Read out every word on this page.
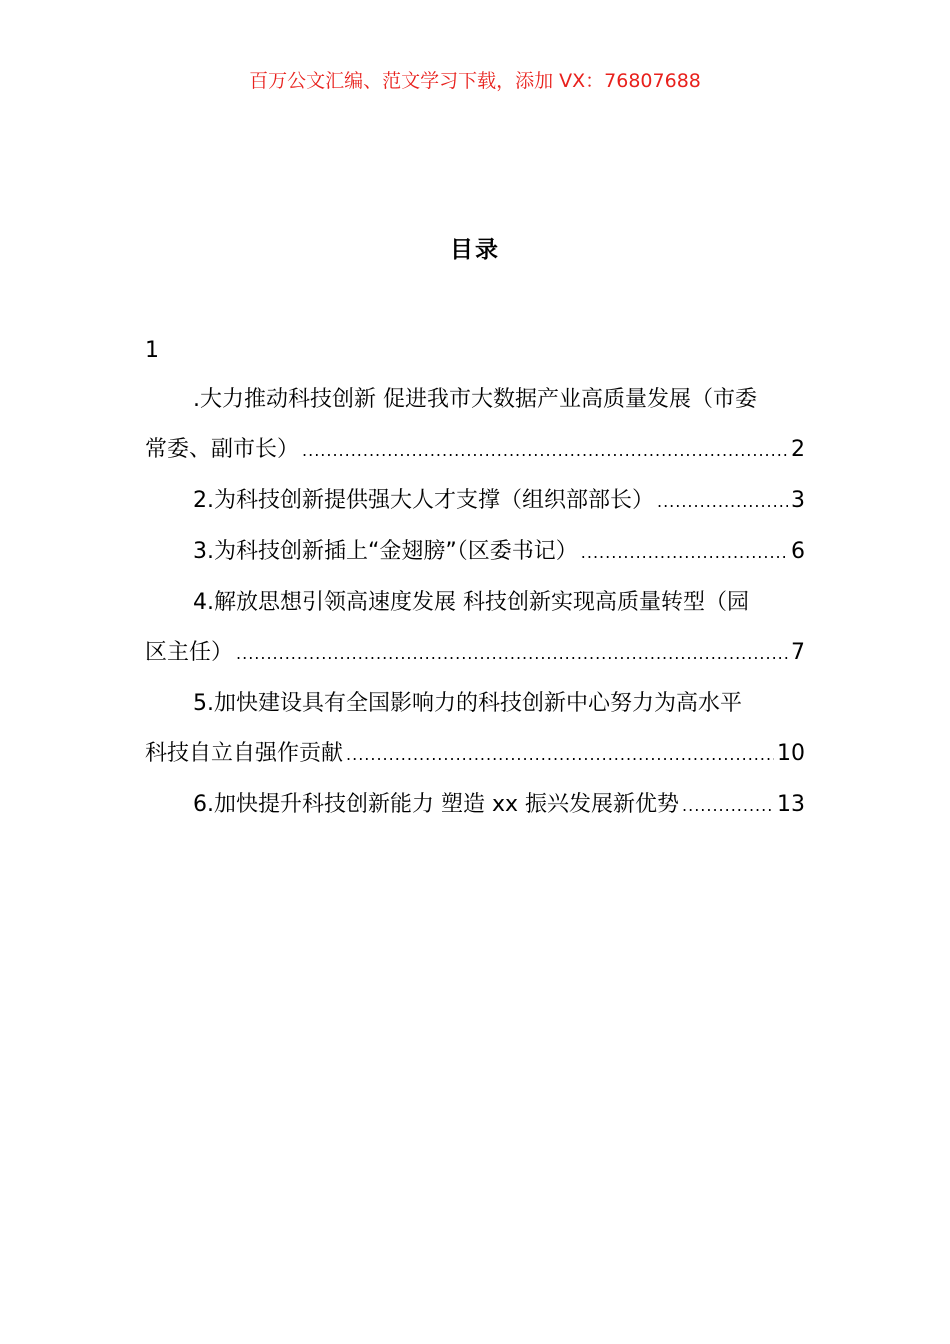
百万公文汇编、范文学习下载，添加 VX：76807688
目录
1
.大力推动科技创新 促进我市大数据产业高质量发展（市委
常委、副市长） .....	2
2.为科技创新提供强大人才支撑（组织部部长） .....	3
3.为科技创新插上“金翅膀”（区委书记） .....	6
4.解放思想引领高速度发展 科技创新实现高质量转型（园
区主任） .....	7
5.加快建设具有全国影响力的科技创新中心努力为高水平
科技自立自强作贡献 .....	10
6.加快提升科技创新能力 塑造 xx 振兴发展新优势 .....	13
